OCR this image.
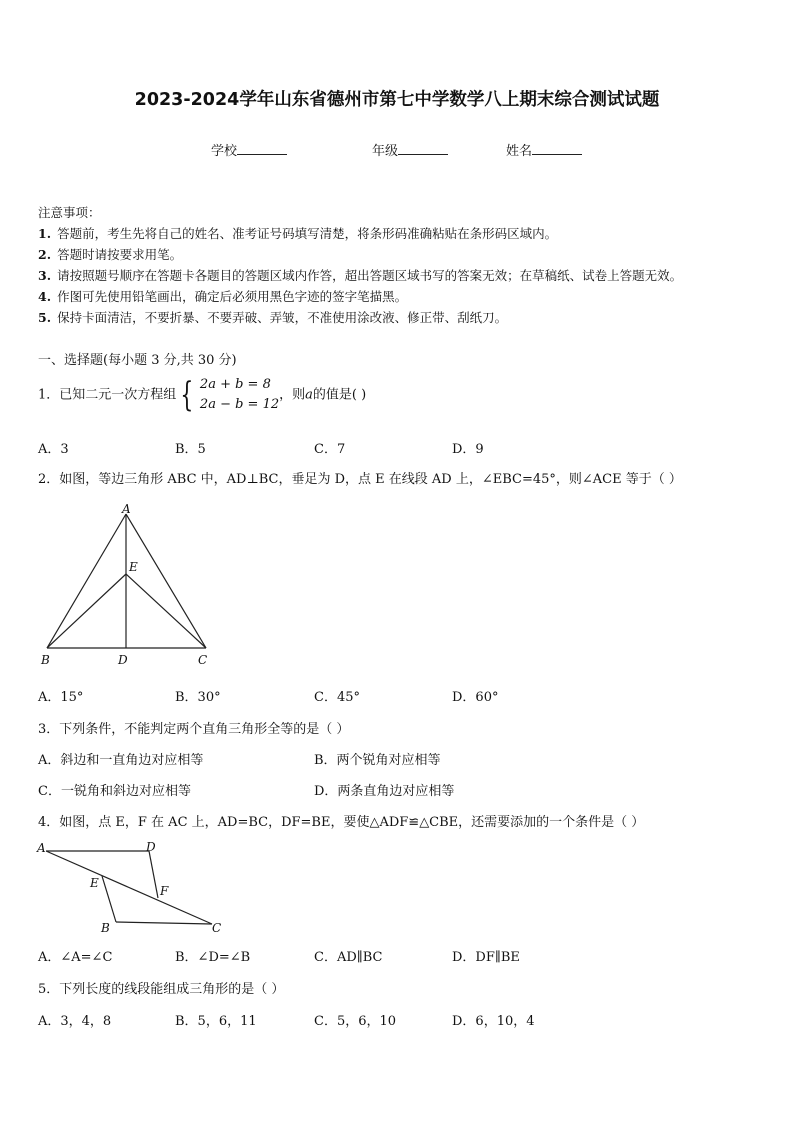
2023-2024学年山东省德州市第七中学数学八上期末综合测试试题
学校	年级	姓名
注意事项：
1. 答题前，考生先将自己的姓名、准考证号码填写清楚，将条形码准确粘贴在条形码区域内。
2. 答题时请按要求用笔。
3. 请按照题号顺序在答题卡各题目的答题区域内作答，超出答题区域书写的答案无效；在草稿纸、试卷上答题无效。
4. 作图可先使用铅笔画出，确定后必须用黑色字迹的签字笔描黑。
5. 保持卡面清洁，不要折暴、不要弄破、弄皱，不准使用涂改液、修正带、刮纸刀。
一、选择题(每小题 3 分,共 30 分)
1．已知二元一次方程组 { 2a + b = 8
2a − b = 12
，则a的值是( )
A．3	B．5	C．7	D．9
2．如图，等边三角形 ABC 中，AD⊥BC，垂足为 D，点 E 在线段 AD 上，∠EBC=45°，则∠ACE 等于（ ）
A
E
B	D	C
A．15°	B．30°	C．45°	D．60°
3．下列条件，不能判定两个直角三角形全等的是（ ）
A．斜边和一直角边对应相等	B．两个锐角对应相等
C．一锐角和斜边对应相等	D．两条直角边对应相等
4．如图，点 E，F 在 AC 上，AD=BC，DF=BE，要使△ADF≌△CBE，还需要添加的一个条件是（ ）
A	D
E
F
B	C
A．∠A=∠C	B．∠D=∠B	C．AD∥BC	D．DF∥BE
5．下列长度的线段能组成三角形的是（ ）
A．3，4，8	B．5，6，11	C．5，6，10	D．6，10，4
